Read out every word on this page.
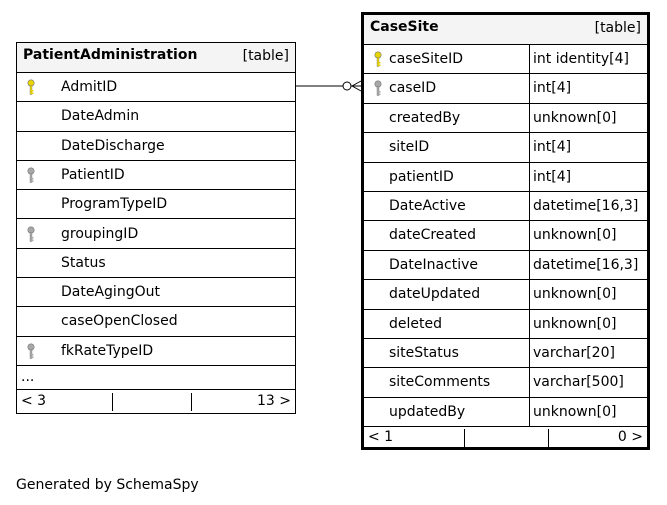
PatientAdministration	[table]
AdmitID
DateAdmin
DateDischarge
PatientID
ProgramTypeID
groupingID
Status
DateAgingOut
caseOpenClosed
fkRateTypeID
...
< 3	13 >
CaseSite	[table]
caseSiteID	int identity[4]
caseID	int[4]
createdBy	unknown[0]
siteID	int[4]
patientID	int[4]
DateActive	datetime[16,3]
dateCreated	unknown[0]
DateInactive	datetime[16,3]
dateUpdated	unknown[0]
deleted	unknown[0]
siteStatus	varchar[20]
siteComments	varchar[500]
updatedBy	unknown[0]
< 1	0 >
Generated by SchemaSpy
